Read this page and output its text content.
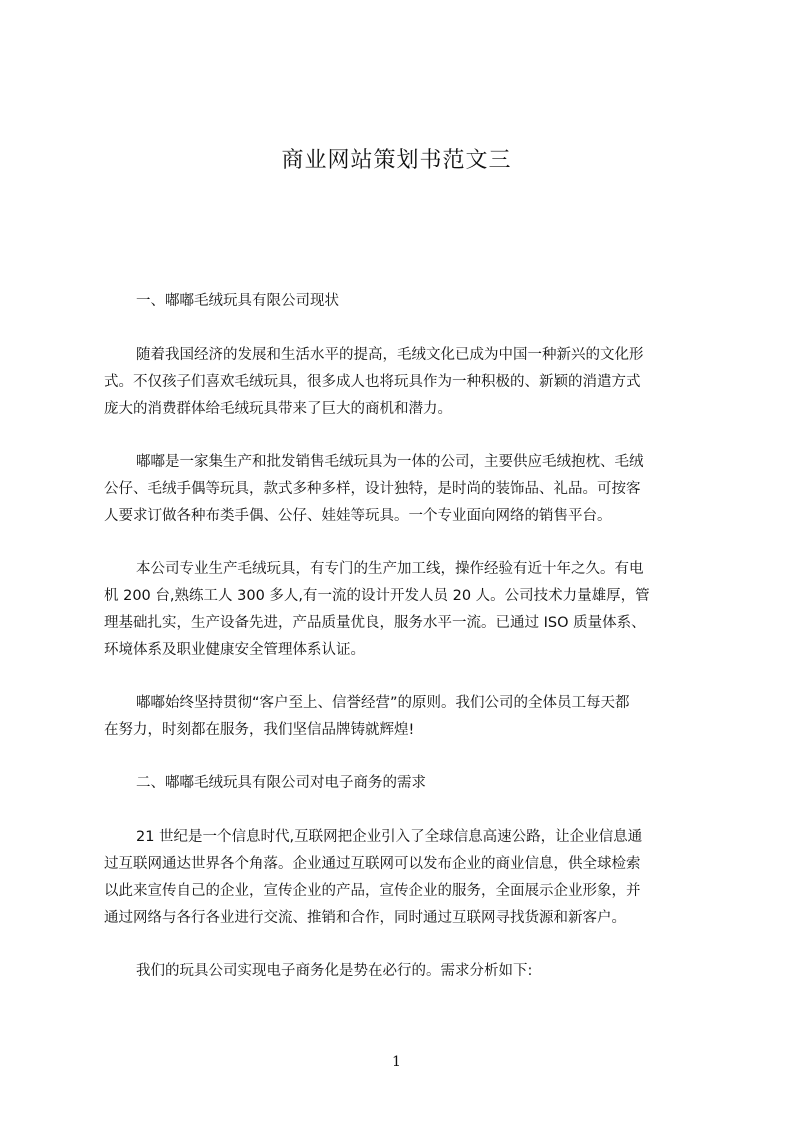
商业网站策划书范文三
一、嘟嘟毛绒玩具有限公司现状
随着我国经济的发展和生活水平的提高，毛绒文化已成为中国一种新兴的文化形
式。不仅孩子们喜欢毛绒玩具，很多成人也将玩具作为一种积极的、新颖的消遣方式
庞大的消费群体给毛绒玩具带来了巨大的商机和潜力。
嘟嘟是一家集生产和批发销售毛绒玩具为一体的公司，主要供应毛绒抱枕、毛绒
公仔、毛绒手偶等玩具，款式多种多样，设计独特，是时尚的装饰品、礼品。可按客
人要求订做各种布类手偶、公仔、娃娃等玩具。一个专业面向网络的销售平台。
本公司专业生产毛绒玩具，有专门的生产加工线，操作经验有近十年之久。有电
机 200 台,熟练工人 300 多人,有一流的设计开发人员 20 人。公司技术力量雄厚，管
理基础扎实，生产设备先进，产品质量优良，服务水平一流。已通过 ISO 质量体系、
环境体系及职业健康安全管理体系认证。
嘟嘟始终坚持贯彻“客户至上、信誉经营”的原则。我们公司的全体员工每天都
在努力，时刻都在服务，我们坚信品牌铸就辉煌!
二、嘟嘟毛绒玩具有限公司对电子商务的需求
21 世纪是一个信息时代,互联网把企业引入了全球信息高速公路，让企业信息通
过互联网通达世界各个角落。企业通过互联网可以发布企业的商业信息，供全球检索
以此来宣传自己的企业，宣传企业的产品，宣传企业的服务，全面展示企业形象，并
通过网络与各行各业进行交流、推销和合作，同时通过互联网寻找货源和新客户。
我们的玩具公司实现电子商务化是势在必行的。需求分析如下:
1
